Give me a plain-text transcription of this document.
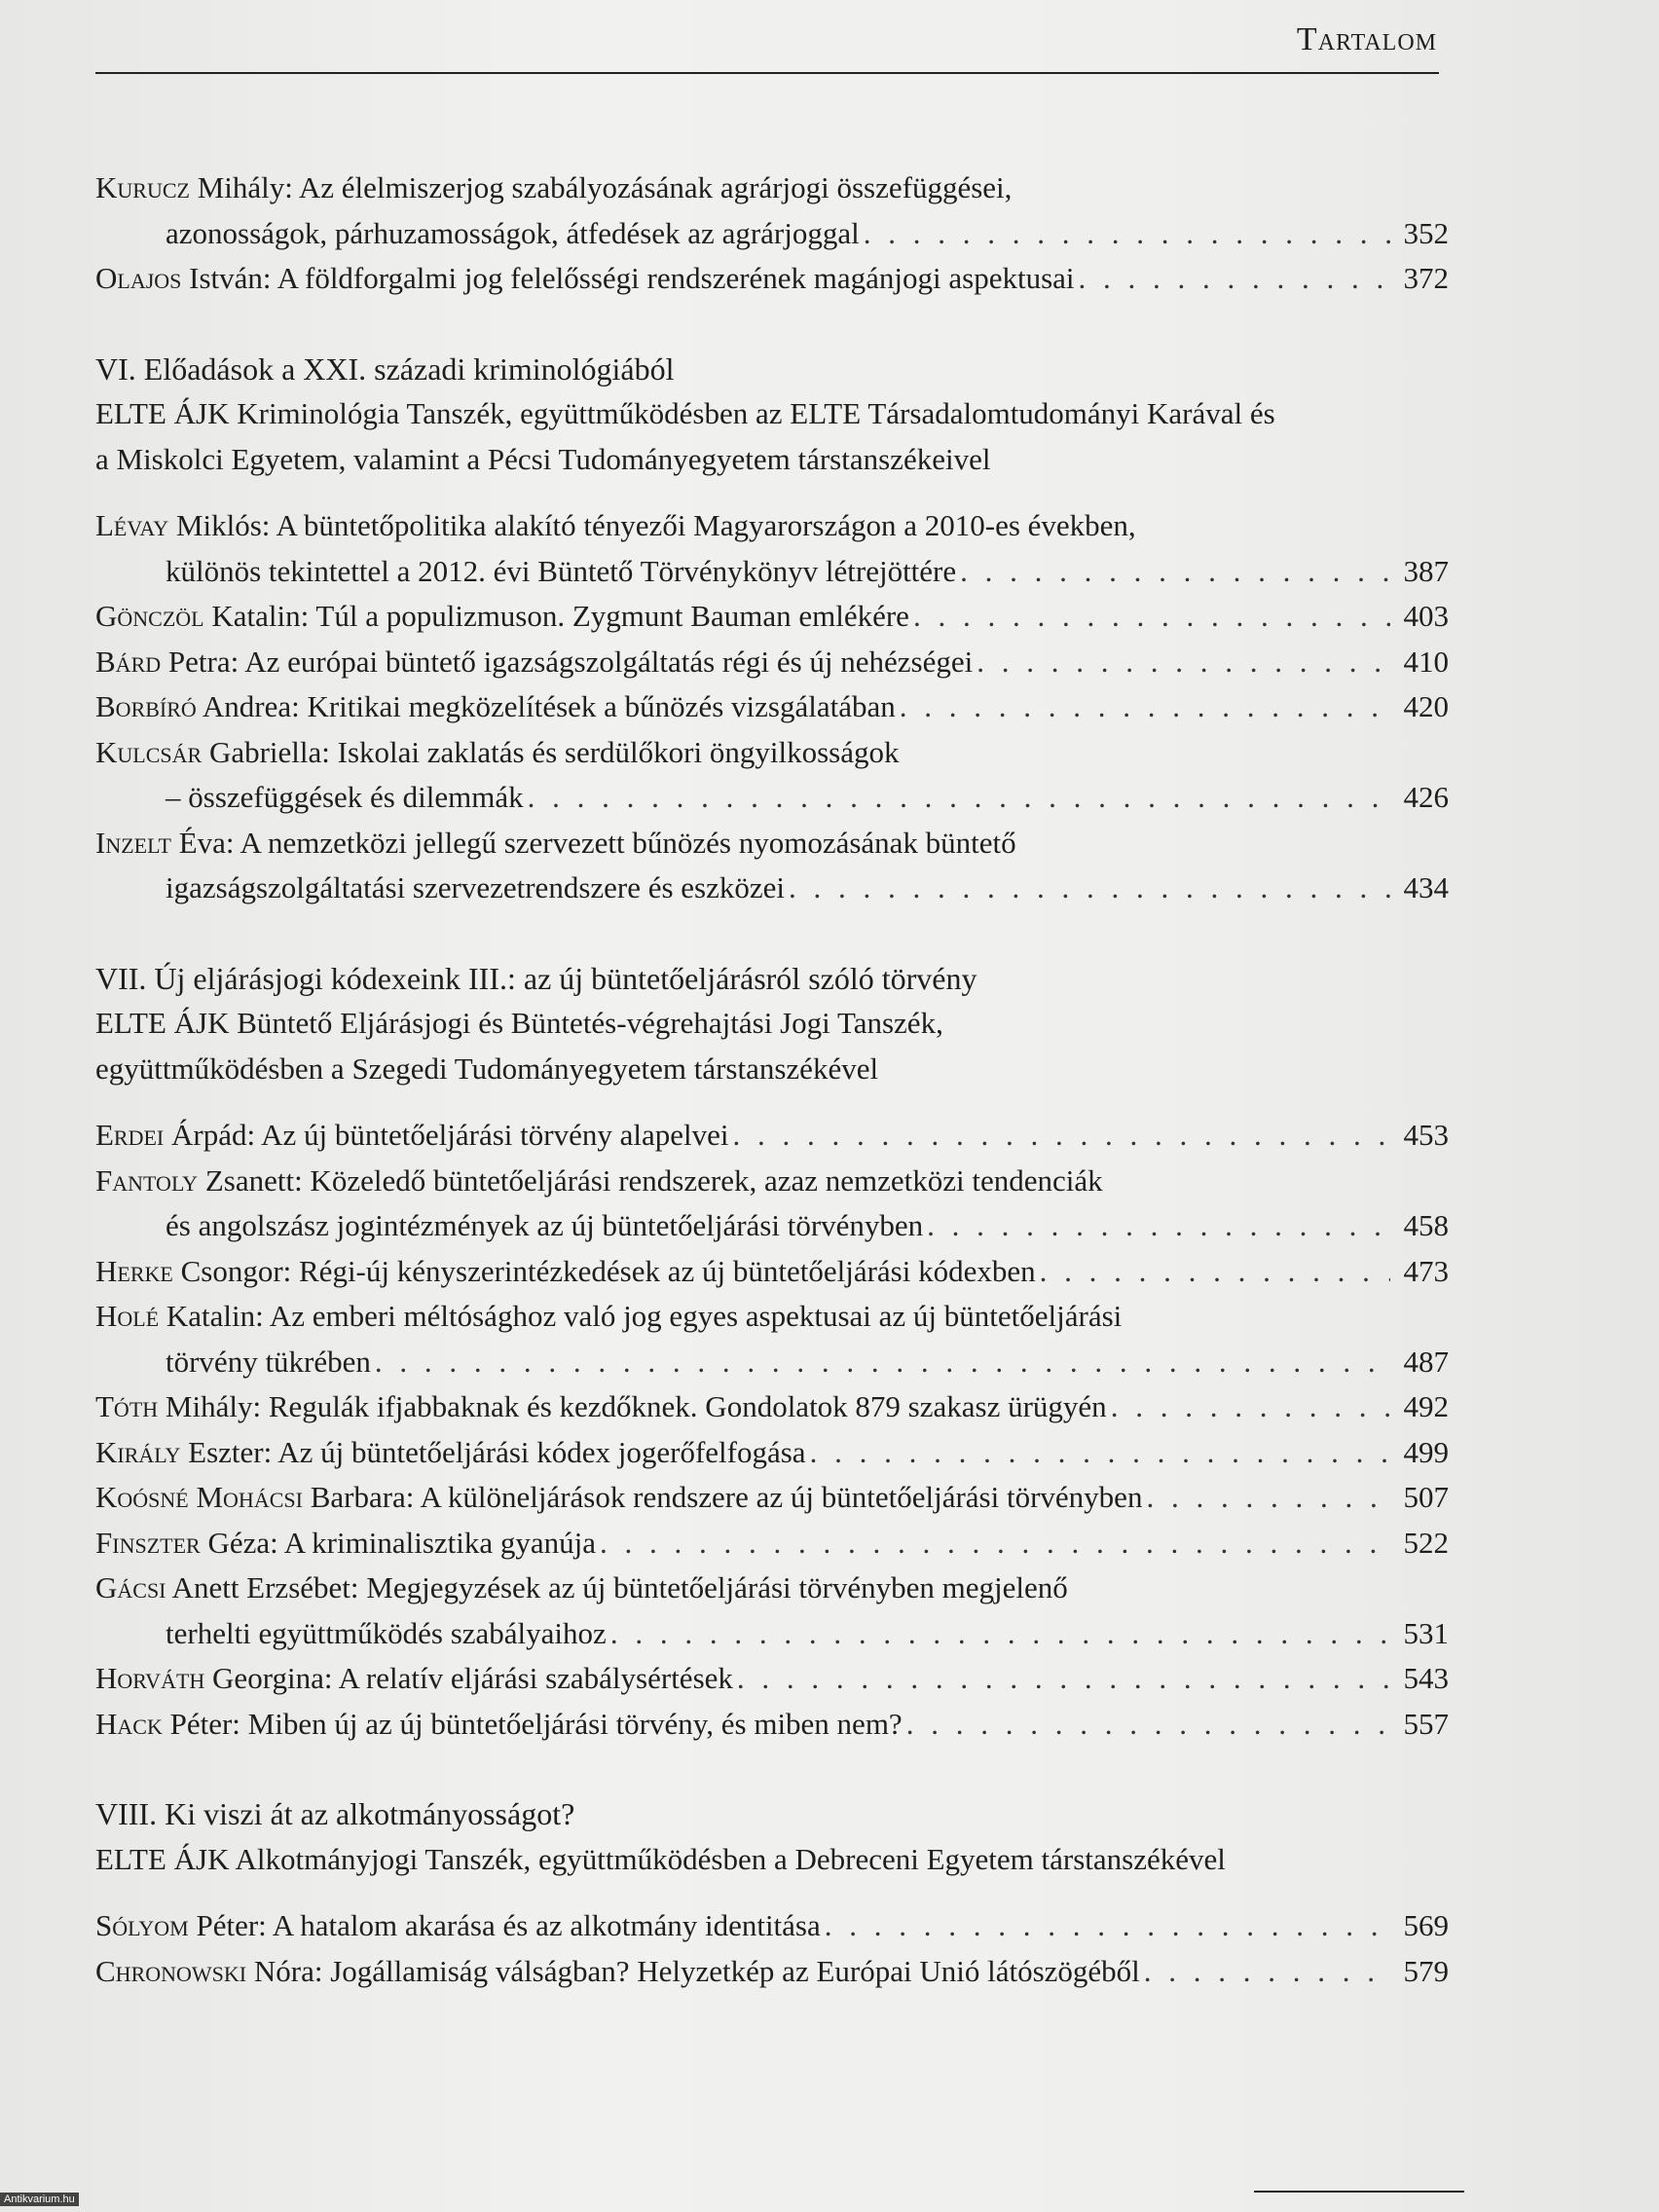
Tartalom
Kurucz Mihály: Az élelmiszerjog szabályozásának agrárjogi összefüggései,
azonosságok, párhuzamosságok, átfedések az agrárjoggal . . .	352
Olajos István: A földforgalmi jog felelősségi rendszerének magánjogi aspektusai . . .	372
VI. Előadások a XXI. századi kriminológiából
ELTE ÁJK Kriminológia Tanszék, együttműködésben az ELTE Társadalomtudományi Karával és
a Miskolci Egyetem, valamint a Pécsi Tudományegyetem társtanszékeivel
Lévay Miklós: A büntetőpolitika alakító tényezői Magyarországon a 2010-es években,
különös tekintettel a 2012. évi Büntető Törvénykönyv létrejöttére . . .	387
Gönczöl Katalin: Túl a populizmuson. Zygmunt Bauman emlékére . . .	403
Bárd Petra: Az európai büntető igazságszolgáltatás régi és új nehézségei . . .	410
Borbíró Andrea: Kritikai megközelítések a bűnözés vizsgálatában . . .	420
Kulcsár Gabriella: Iskolai zaklatás és serdülőkori öngyilkosságok
– összefüggések és dilemmák . . .	426
Inzelt Éva: A nemzetközi jellegű szervezett bűnözés nyomozásának büntető
igazságszolgáltatási szervezetrendszere és eszközei . . .	434
VII. Új eljárásjogi kódexeink III.: az új büntetőeljárásról szóló törvény
ELTE ÁJK Büntető Eljárásjogi és Büntetés-végrehajtási Jogi Tanszék,
együttműködésben a Szegedi Tudományegyetem társtanszékével
Erdei Árpád: Az új büntetőeljárási törvény alapelvei . . .	453
Fantoly Zsanett: Közeledő büntetőeljárási rendszerek, azaz nemzetközi tendenciák
és angolszász jogintézmények az új büntetőeljárási törvényben . . .	458
Herke Csongor: Régi-új kényszerintézkedések az új büntetőeljárási kódexben . . .	473
Holé Katalin: Az emberi méltósághoz való jog egyes aspektusai az új büntetőeljárási
törvény tükrében . . .	487
Tóth Mihály: Regulák ifjabbaknak és kezdőknek. Gondolatok 879 szakasz ürügyén . . .	492
Király Eszter: Az új büntetőeljárási kódex jogerőfelfogása . . .	499
Koósné Mohácsi Barbara: A különeljárások rendszere az új büntetőeljárási törvényben . . .	507
Finszter Géza: A kriminalisztika gyanúja . . .	522
Gácsi Anett Erzsébet: Megjegyzések az új büntetőeljárási törvényben megjelenő
terhelti együttműködés szabályaihoz . . .	531
Horváth Georgina: A relatív eljárási szabálysértések . . .	543
Hack Péter: Miben új az új büntetőeljárási törvény, és miben nem? . . .	557
VIII. Ki viszi át az alkotmányosságot?
ELTE ÁJK Alkotmányjogi Tanszék, együttműködésben a Debreceni Egyetem társtanszékével
Sólyom Péter: A hatalom akarása és az alkotmány identitása . . .	569
Chronowski Nóra: Jogállamiság válságban? Helyzetkép az Európai Unió látószögéből . . .	579
Antikvarium.hu
